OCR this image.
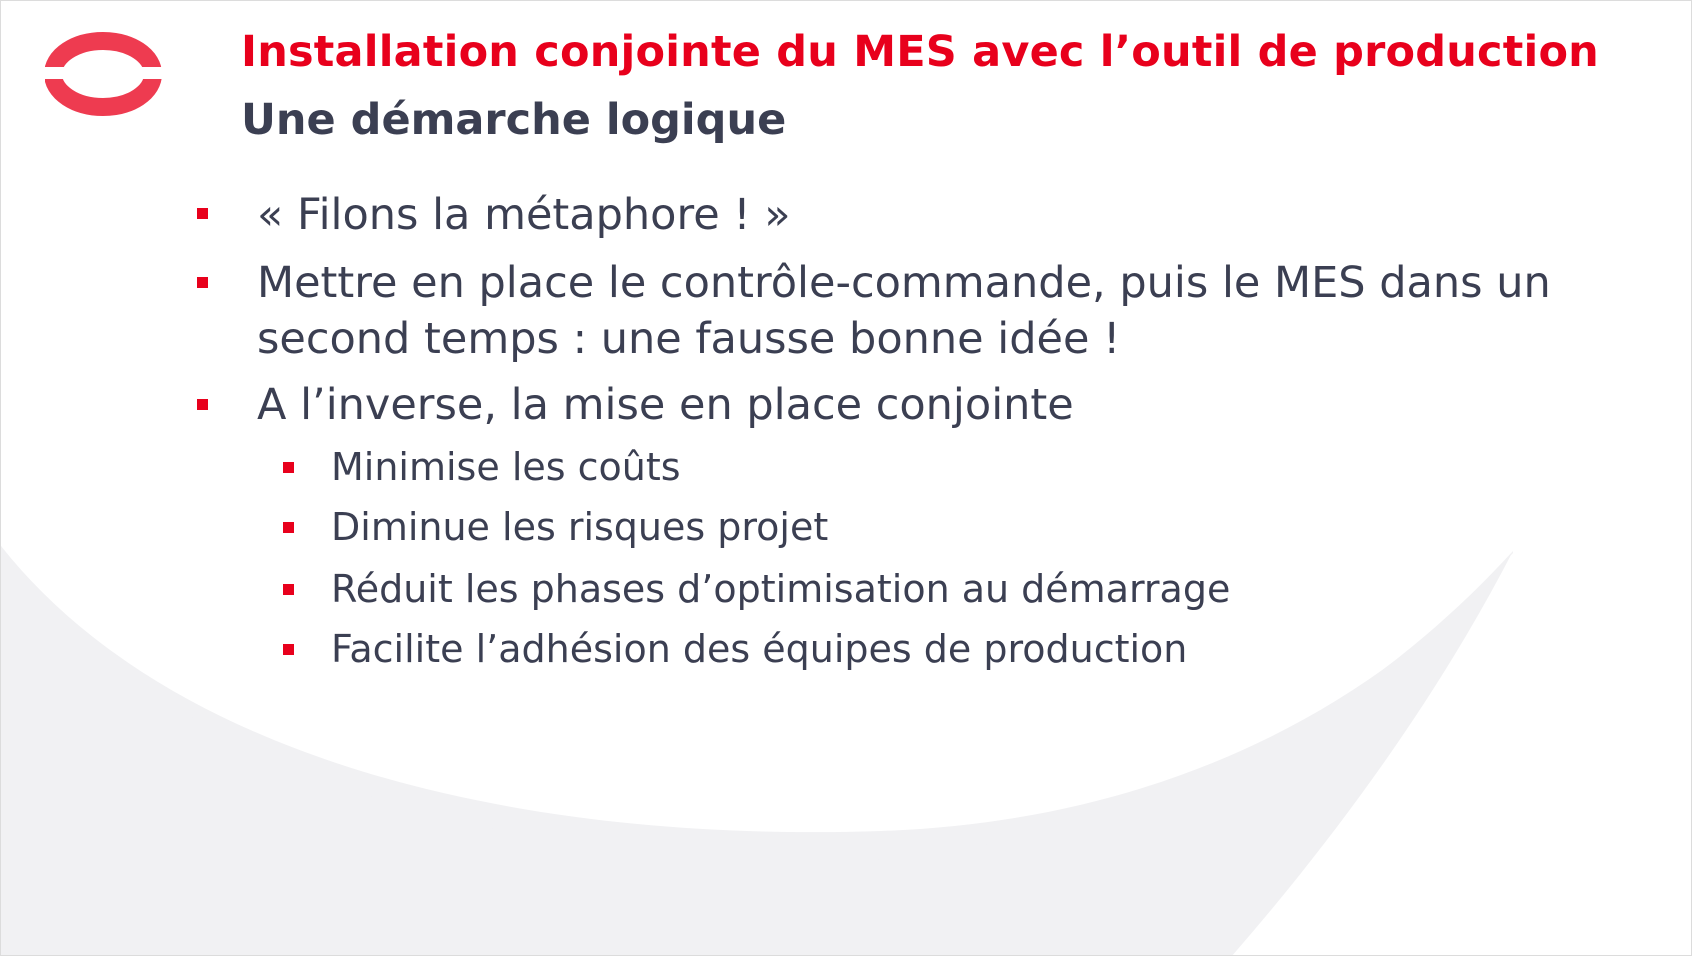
Installation conjointe du MES avec l’outil de production
Une démarche logique

« Filons la métaphore ! »

Mettre en place le contrôle-commande, puis le MES dans un

second temps : une fausse bonne idée !

A l’inverse, la mise en place conjointe

Minimise les coûts

Diminue les risques projet

Réduit les phases d’optimisation au démarrage

Facilite l’adhésion des équipes de production
